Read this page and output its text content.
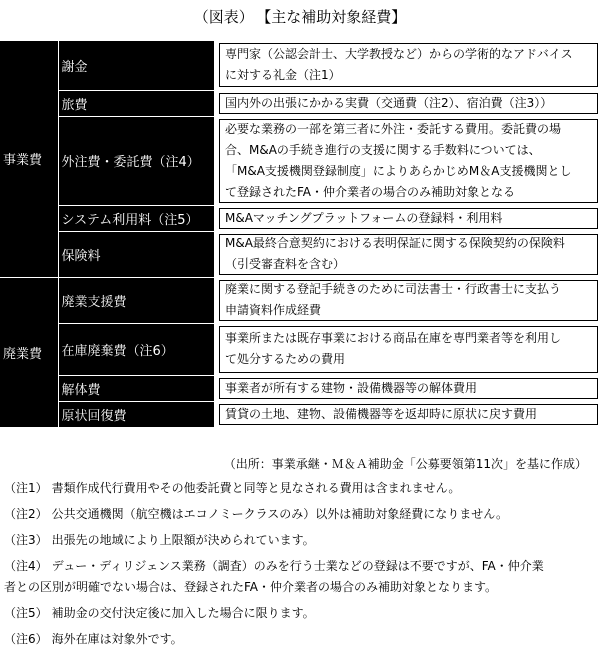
（図表） 【主な補助対象経費】
事業費	謝金	専門家（公認会計士、大学教授など）からの学術的なアドバイス
に対する礼金（注1）

	旅費	国内外の出張にかかる実費（交通費（注2）、宿泊費（注3））

	外注費・委託費（注4）	必要な業務の一部を第三者に外注・委託する費用。委託費の場
合、M&Aの手続き進行の支援に関する手数料については、
「M&A支援機関登録制度」によりあらかじめM＆A支援機関とし
て登録されたFA・仲介業者の場合のみ補助対象となる

	システム利用料（注5）	M&Aマッチングプラットフォームの登録料・利用料

	保険料	M&A最終合意契約における表明保証に関する保険契約の保険料
（引受審査料を含む）

廃業費	廃業支援費	廃業に関する登記手続きのために司法書士・行政書士に支払う
申請資料作成経費

	在庫廃棄費（注6）	事業所または既存事業における商品在庫を専門業者等を利用し
て処分するための費用

	解体費	事業者が所有する建物・設備機器等の解体費用

	原状回復費	賃貸の土地、建物、設備機器等を返却時に原状に戻す費用
（出所：事業承継・Ｍ＆Ａ補助金「公募要領第11次」を基に作成）
（注1） 書類作成代行費用やその他委託費と同等と見なされる費用は含まれません。
（注2） 公共交通機関（航空機はエコノミークラスのみ）以外は補助対象経費になりません。
（注3） 出張先の地域により上限額が決められています。
（注4） デュー・ディリジェンス業務（調査）のみを行う士業などの登録は不要ですが、FA・仲介業
者との区別が明確でない場合は、登録されたFA・仲介業者の場合のみ補助対象となります。
（注5） 補助金の交付決定後に加入した場合に限ります。
（注6） 海外在庫は対象外です。
